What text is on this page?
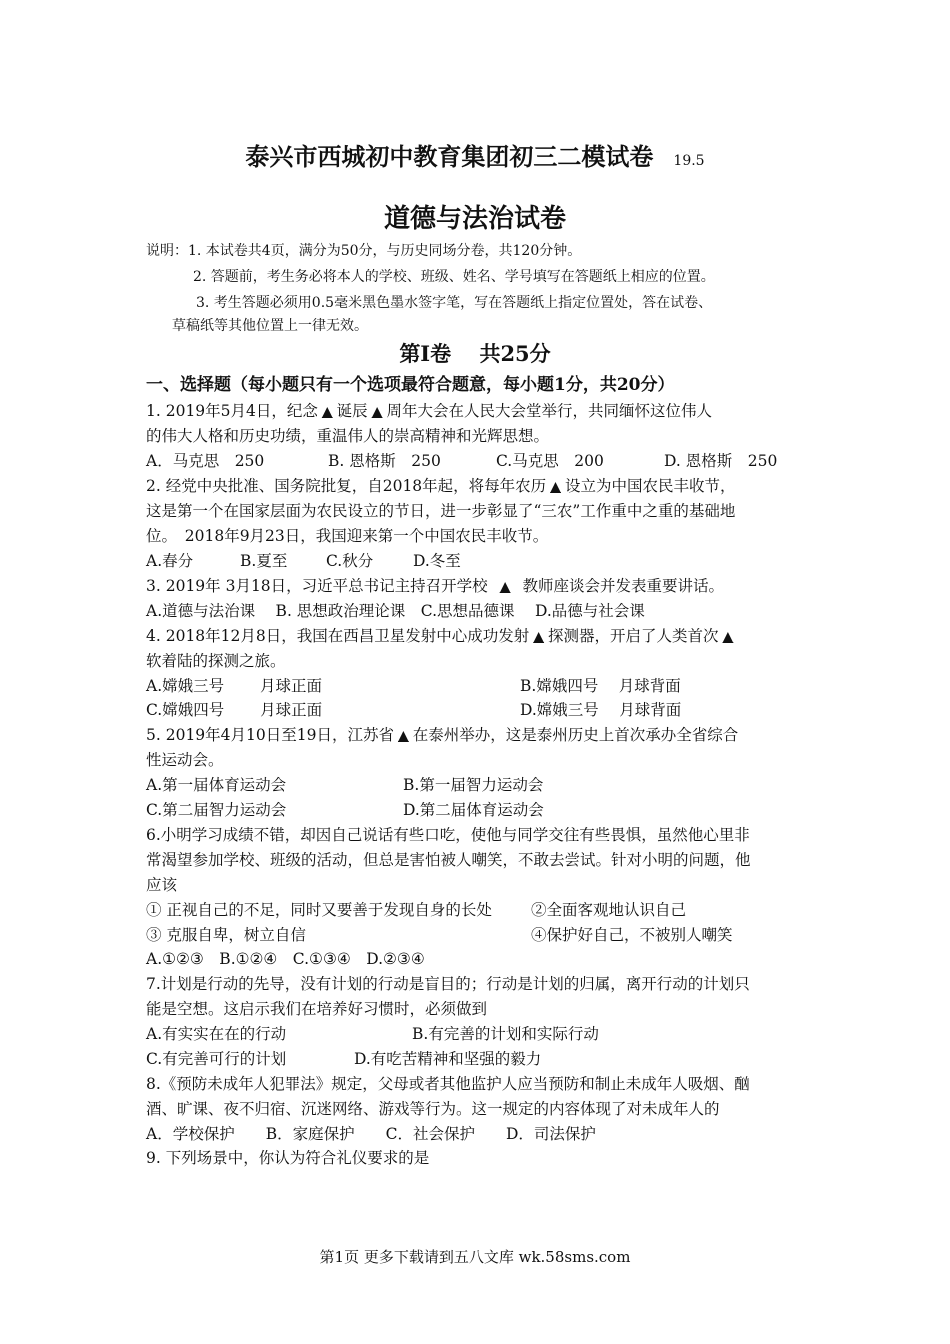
泰兴市西城初中教育集团初三二模试卷 19.5
道德与法治试卷
说明：1. 本试卷共4页，满分为50分，与历史同场分卷，共120分钟。
2. 答题前，考生务必将本人的学校、班级、姓名、学号填写在答题纸上相应的位置。
3. 考生答题必须用0.5毫米黑色墨水签字笔，写在答题纸上指定位置处，答在试卷、
草稿纸等其他位置上一律无效。
第Ⅰ卷　 共25分
一、选择题（每小题只有一个选项最符合题意，每小题1分，共20分）
1. 2019年5月4日，纪念 ▲ 诞辰 ▲ 周年大会在人民大会堂举行，共同缅怀这位伟人
的伟大人格和历史功绩，重温伟人的崇高精神和光辉思想。
A．马克思　250	B. 恩格斯　250	C.马克思　200	D. 恩格斯　250
2. 经党中央批准、国务院批复，自2018年起，将每年农历 ▲ 设立为中国农民丰收节，
这是第一个在国家层面为农民设立的节日，进一步彰显了“三农”工作重中之重的基础地
位。　2018年9月23日，我国迎来第一个中国农民丰收节。
A.春分	B.夏至 C.秋分	D.冬至
3. 2019年 3月18日，习近平总书记主持召开学校 ▲ 教师座谈会并发表重要讲话。
A.道德与法治课　 B. 思想政治理论课　C.思想品德课　 D.品德与社会课
4. 2018年12月8日，我国在西昌卫星发射中心成功发射 ▲ 探测器，开启了人类首次 ▲
软着陆的探测之旅。
A.嫦娥三号　　 月球正面	B.嫦娥四号　 月球背面
C.嫦娥四号　　 月球正面	D.嫦娥三号　 月球背面
5. 2019年4月10日至19日，江苏省 ▲ 在泰州举办，这是泰州历史上首次承办全省综合
性运动会。
A.第一届体育运动会	B.第一届智力运动会
C.第二届智力运动会	D.第二届体育运动会
6.小明学习成绩不错，却因自己说话有些口吃，使他与同学交往有些畏惧，虽然他心里非
常渴望参加学校、班级的活动，但总是害怕被人嘲笑，不敢去尝试。针对小明的问题，他
应该
① 正视自己的不足，同时又要善于发现自身的长处	②全面客观地认识自己
③ 克服自卑，树立自信	④保护好自己，不被别人嘲笑
A.①②③　B.①②④　C.①③④　D.②③④
7.计划是行动的先导，没有计划的行动是盲目的；行动是计划的归属，离开行动的计划只
能是空想。这启示我们在培养好习惯时，必须做到
A.有实实在在的行动	B.有完善的计划和实际行动
C.有完善可行的计划	D.有吃苦精神和坚强的毅力
8.《预防未成年人犯罪法》规定，父母或者其他监护人应当预防和制止未成年人吸烟、酗
酒、旷课、夜不归宿、沉迷网络、游戏等行为。这一规定的内容体现了对未成年人的
A．学校保护　　B．家庭保护　　C．社会保护　　D．司法保护
9. 下列场景中，你认为符合礼仪要求的是
第1页 更多下载请到五八文库 wk.58sms.com
